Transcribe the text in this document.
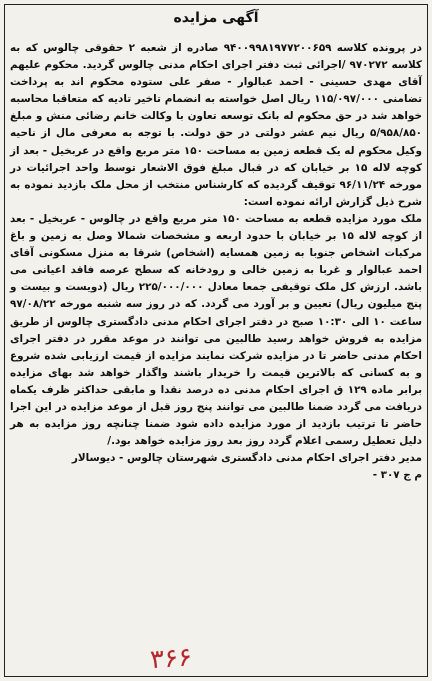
آگهی مزایده

در پرونده کلاسه ۹۴۰۰۹۹۸۱۹۷۷۲۰۰۶۵۹ صادره از شعبه ۲ حقوقی چالوس که به کلاسه ۹۷۰۲۷۲ /اجرائی ثبت دفتر اجرای احکام مدنی چالوس گردید. محکوم علیهم آقای مهدی حسینی - احمد عبالوار - صفر علی ستوده محکوم اند به پرداخت تضامنی ۱۱۵/۰۹۷/۰۰۰ ریال اصل خواسته به انضمام تاخیر تادیه که متعاقبا محاسبه خواهد شد در حق محکوم له بانک توسعه تعاون با وکالت خانم رضائی منش و مبلغ ۵/۹۵۸/۸۵۰ ریال نیم عشر دولتی در حق دولت. با توجه به معرفی مال از ناحیه وکیل محکوم له یک قطعه زمین به مساحت ۱۵۰ متر مربع واقع در عربخیل - بعد از کوچه لاله ۱۵ بر خیابان که در قبال مبلغ فوق الاشعار توسط واحد اجرائیات در مورخه ۹۶/۱۱/۲۴ توقیف گردیده که کارشناس منتخب از محل ملک بازدید نموده به شرح ذیل گزارش ارائه نموده است:

ملک مورد مزایده قطعه به مساحت ۱۵۰ متر مربع واقع در چالوس - عربخیل - بعد از کوچه لاله ۱۵ بر خیابان با حدود اربعه و مشخصات شمالا وصل به زمین و باغ مرکبات اشخاص جنوبا به زمین همسایه (اشخاص) شرقا به منزل مسکونی آقای احمد عبالوار و غربا به زمین خالی و رودخانه که سطح عرصه فاقد اعیانی می باشد. ارزش کل ملک توقیفی جمعا معادل ۲۲۵/۰۰۰/۰۰۰ ریال (دویست و بیست و پنج میلیون ریال) تعیین و بر آورد می گردد. که در روز سه شنبه مورخه ۹۷/۰۸/۲۲ ساعت ۱۰ الی ۱۰:۳۰ صبح در دفتر اجرای احکام مدنی دادگستری چالوس از طریق مزایده به فروش خواهد رسید طالبین می توانند در موعد مقرر در دفتر اجرای احکام مدنی حاضر تا در مزایده شرکت نمایند مزایده از قیمت ارزیابی شده شروع و به کسانی که بالاترین قیمت را خریدار باشند واگذار خواهد شد بهای مزایده برابر ماده ۱۲۹ ق اجرای احکام مدنی ده درصد نقدا و مابقی حداکثر ظرف یکماه دریافت می گردد ضمنا طالبین می توانند پنج روز قبل از موعد مزایده در این اجرا حاضر تا ترتیب بازدید از مورد مزایده داده شود ضمنا چنانچه روز مزایده به هر دلیل تعطیل رسمی اعلام گردد روز بعد روز مزایده خواهد بود./

مدیر دفتر اجرای احکام مدنی دادگستری شهرستان چالوس - دیوسالار

م ج ۳۰۷ -

۳۶۶
